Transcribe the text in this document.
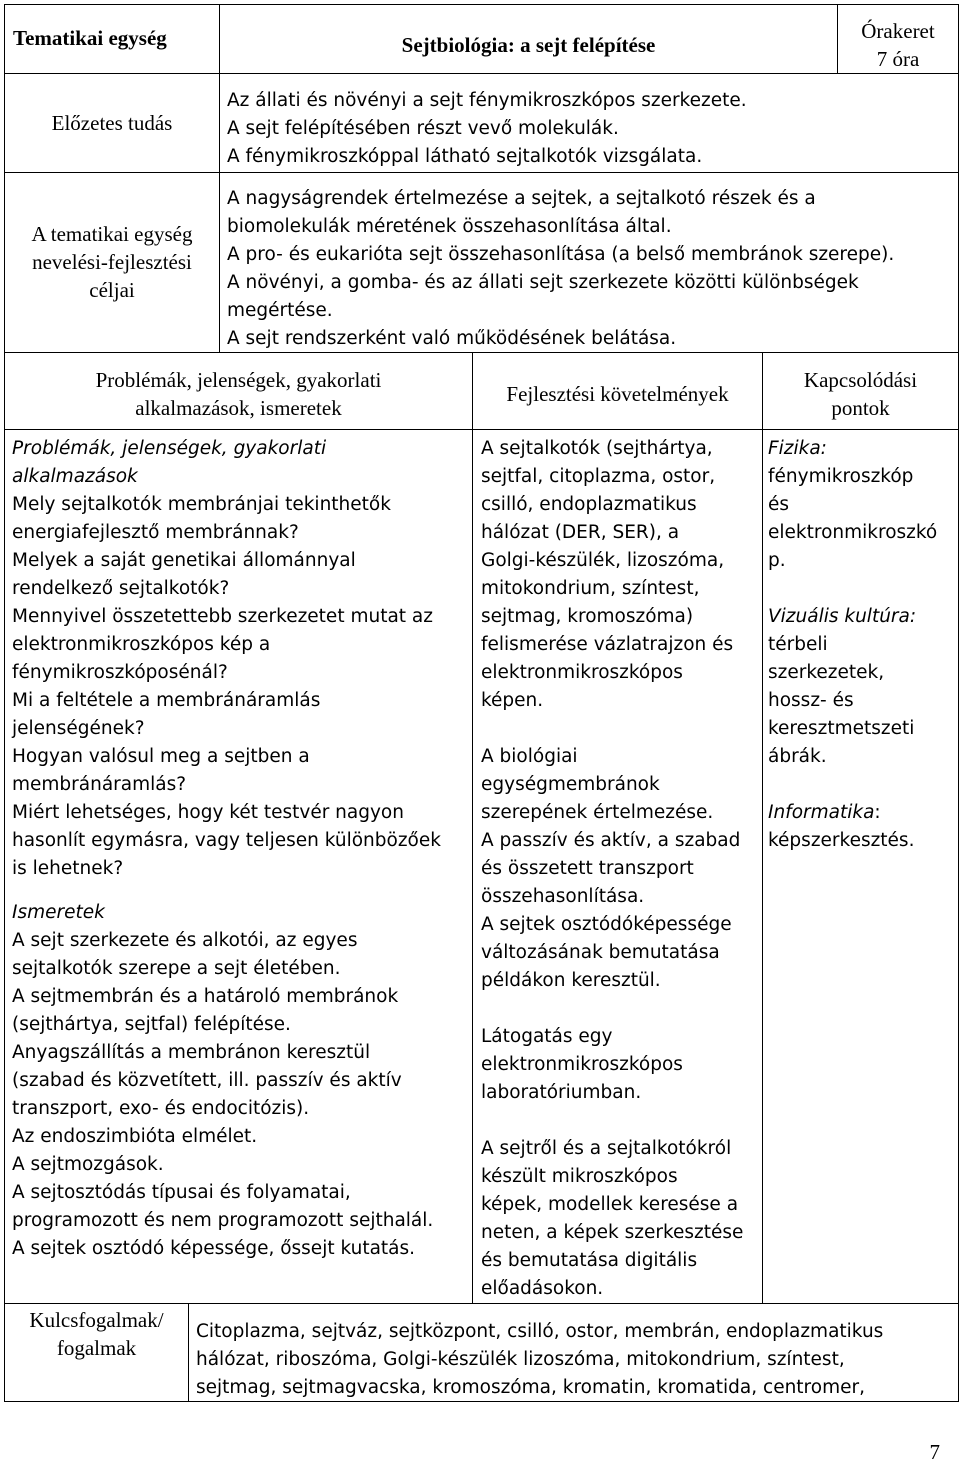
Tematikai egység	Sejtbiológia: a sejt felépítése
Órakeret
7 óra
Előzetes tudás
Az állati és növényi a sejt fénymikroszkópos szerkezete.
A sejt felépítésében részt vevő molekulák.
A fénymikroszkóppal látható sejtalkotók vizsgálata.
A tematikai egység
nevelési-fejlesztési
céljai
A nagyságrendek értelmezése a sejtek, a sejtalkotó részek és a
biomolekulák méretének összehasonlítása által.
A pro- és eukarióta sejt összehasonlítása (a belső membránok szerepe).
A növényi, a gomba- és az állati sejt szerkezete közötti különbségek
megértése.
A sejt rendszerként való működésének belátása.
Problémák, jelenségek, gyakorlati
alkalmazások, ismeretek
Fejlesztési követelmények
Kapcsolódási
pontok
Problémák, jelenségek, gyakorlati
alkalmazások
Mely sejtalkotók membránjai tekinthetők
energiafejlesztő membránnak?
Melyek a saját genetikai állománnyal
rendelkező sejtalkotók?
Mennyivel összetettebb szerkezetet mutat az
elektronmikroszkópos kép a
fénymikroszkóposénál?
Mi a feltétele a membránáramlás
jelenségének?
Hogyan valósul meg a sejtben a
membránáramlás?
Miért lehetséges, hogy két testvér nagyon
hasonlít egymásra, vagy teljesen különbözőek
is lehetnek?
Ismeretek
A sejt szerkezete és alkotói, az egyes
sejtalkotók szerepe a sejt életében.
A sejtmembrán és a határoló membránok
(sejthártya, sejtfal) felépítése.
Anyagszállítás a membránon keresztül
(szabad és közvetített, ill. passzív és aktív
transzport, exo- és endocitózis).
Az endoszimbióta elmélet.
A sejtmozgások.
A sejtosztódás típusai és folyamatai,
programozott és nem programozott sejthalál.
A sejtek osztódó képessége, őssejt kutatás.
A sejtalkotók (sejthártya,
sejtfal, citoplazma, ostor,
csilló, endoplazmatikus
hálózat (DER, SER), a
Golgi-készülék, lizoszóma,
mitokondrium, színtest,
sejtmag, kromoszóma)
felismerése vázlatrajzon és
elektronmikroszkópos
képen.
A biológiai
egységmembránok
szerepének értelmezése.
A passzív és aktív, a szabad
és összetett transzport
összehasonlítása.
A sejtek osztódóképessége
változásának bemutatása
példákon keresztül.
Látogatás egy
elektronmikroszkópos
laboratóriumban.
A sejtről és a sejtalkotókról
készült mikroszkópos
képek, modellek keresése a
neten, a képek szerkesztése
és bemutatása digitális
előadásokon.
Fizika:
fénymikroszkóp
és
elektronmikroszkó
p.
Vizuális kultúra:
térbeli
szerkezetek,
hossz- és
keresztmetszeti
ábrák.
Informatika:
képszerkesztés.
Kulcsfogalmak/
fogalmak
Citoplazma, sejtváz, sejtközpont, csilló, ostor, membrán, endoplazmatikus
hálózat, riboszóma, Golgi-készülék lizoszóma, mitokondrium, színtest,
sejtmag, sejtmagvacska, kromoszóma, kromatin, kromatida, centromer,
7
